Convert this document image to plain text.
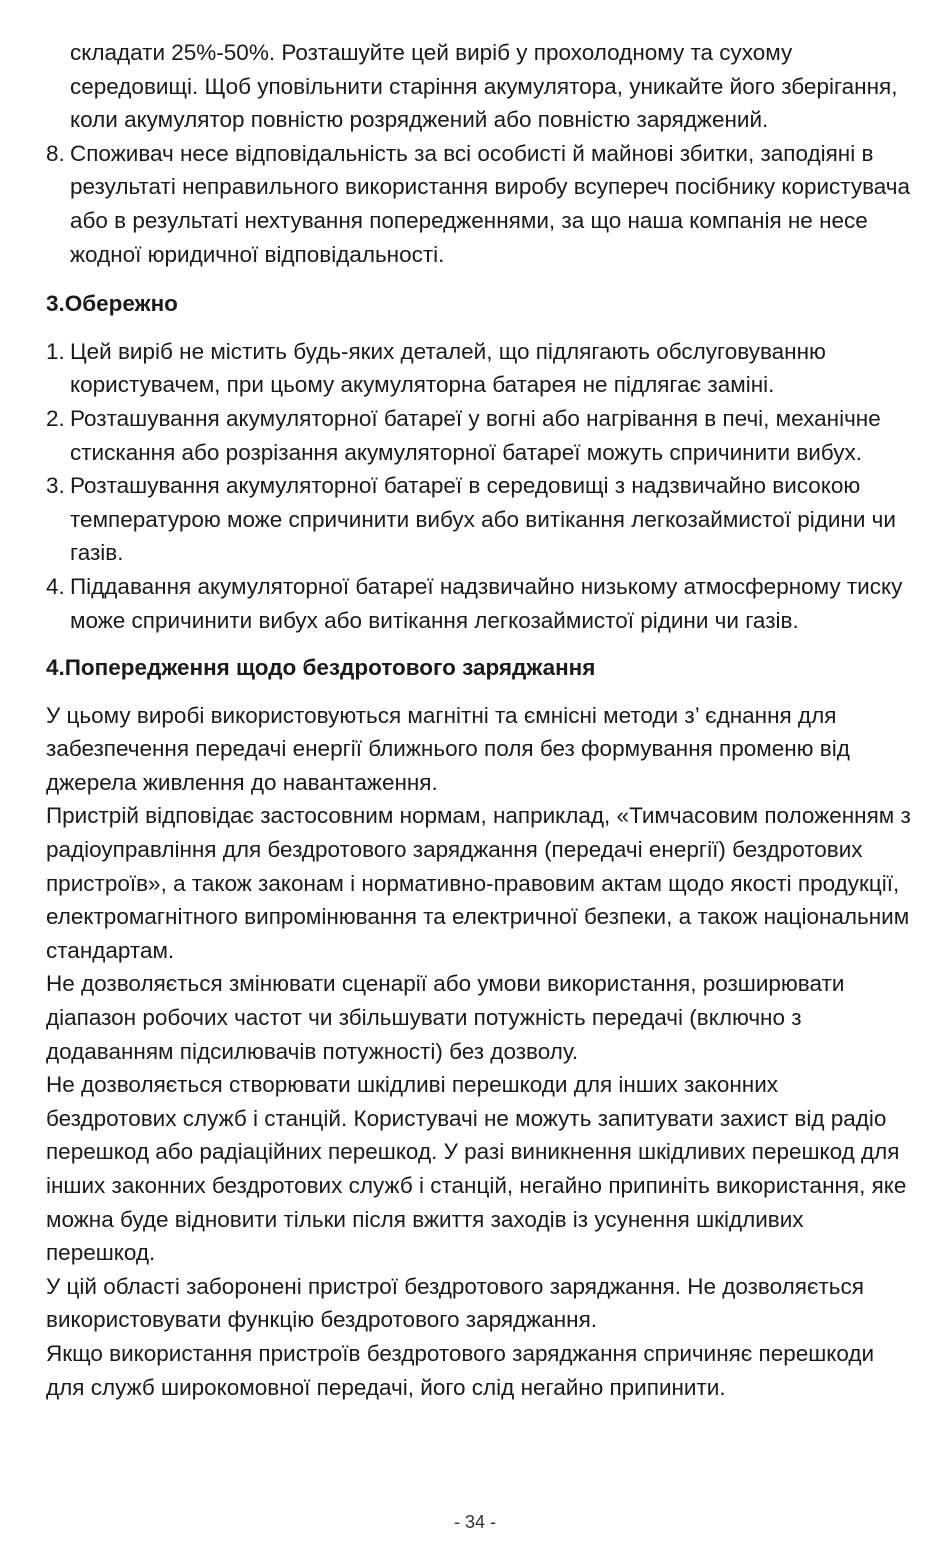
складати 25%-50%. Розташуйте цей виріб у прохолодному та сухому середовищі. Щоб уповільнити старіння акумулятора, уникайте його зберігання, коли акумулятор повністю розряджений або повністю заряджений.

8. Споживач несе відповідальність за всі особисті й майнові збитки, заподіяні в результаті неправильного використання виробу всупереч посібнику користувача або в результаті нехтування попередженнями, за що наша компанія не несе жодної юридичної відповідальності.

3.Обережно

1. Цей виріб не містить будь-яких деталей, що підлягають обслуговуванню користувачем, при цьому акумуляторна батарея не підлягає заміні.

2. Розташування акумуляторної батареї у вогні або нагрівання в печі, механічне стискання або розрізання акумуляторної батареї можуть спричинити вибух.

3. Розташування акумуляторної батареї в середовищі з надзвичайно високою температурою може спричинити вибух або витікання легкозаймистої рідини чи газів.

4. Піддавання акумуляторної батареї надзвичайно низькому атмосферному тиску може спричинити вибух або витікання легкозаймистої рідини чи газів.

4.Попередження щодо бездротового заряджання

У цьому виробі використовуються магнітні та ємнісні методи з’ єднання для забезпечення передачі енергії ближнього поля без формування променю від джерела живлення до навантаження.

Пристрій відповідає застосовним нормам, наприклад, «Тимчасовим положенням з радіоуправління для бездротового заряджання (передачі енергії) бездротових пристроїв», а також законам і нормативно-правовим актам щодо якості продукції, електромагнітного випромінювання та електричної безпеки, а також національним стандартам.

Не дозволяється змінювати сценарії або умови використання, розширювати діапазон робочих частот чи збільшувати потужність передачі (включно з додаванням підсилювачів потужності) без дозволу.

Не дозволяється створювати шкідливі перешкоди для інших законних бездротових служб і станцій. Користувачі не можуть запитувати захист від радіо перешкод або радіаційних перешкод. У разі виникнення шкідливих перешкод для інших законних бездротових служб і станцій, негайно припиніть використання, яке можна буде відновити тільки після вжиття заходів із усунення шкідливих перешкод.

У цій області заборонені пристрої бездротового заряджання. Не дозволяється використовувати функцію бездротового заряджання.

Якщо використання пристроїв бездротового заряджання спричиняє перешкоди для служб широкомовної передачі, його слід негайно припинити.

- 34 -
